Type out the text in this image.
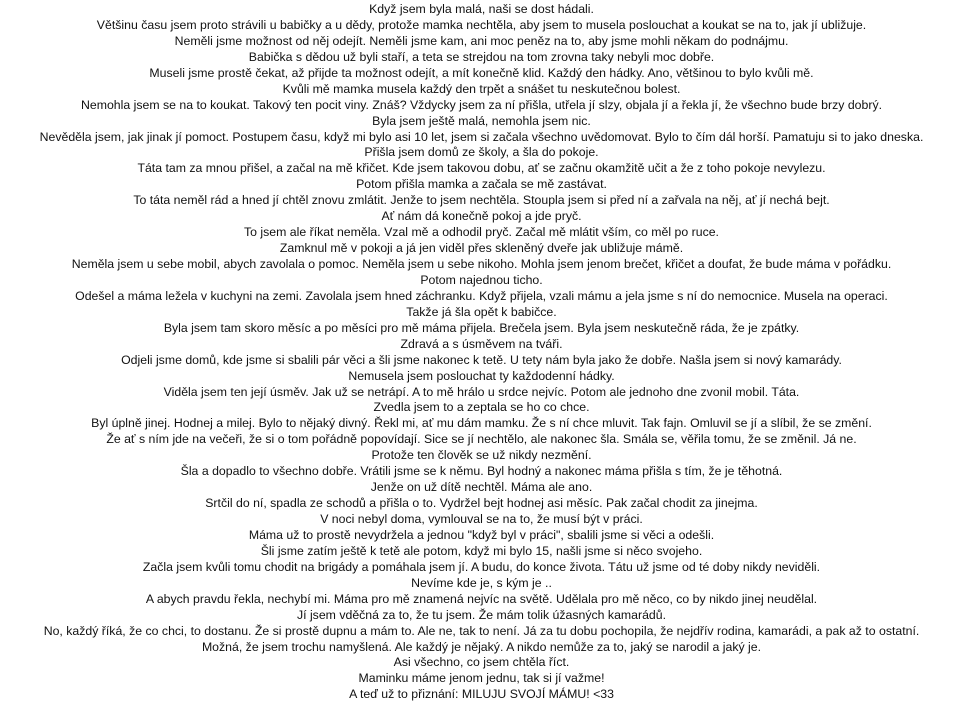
Když jsem byla malá, naši se dost hádali.
Většinu času jsem proto strávili u babičky a u dědy, protože mamka nechtěla, aby jsem to musela poslouchat a koukat se na to, jak jí ubližuje.
Neměli jsme možnost od něj odejít. Neměli jsme kam, ani moc peněz na to, aby jsme mohli někam do podnájmu.
Babička s dědou už byli staří, a teta se strejdou na tom zrovna taky nebyli moc dobře.
Museli jsme prostě čekat, až přijde ta možnost odejít, a mít konečně klid. Každý den hádky. Ano, většinou to bylo kvůli mě.
Kvůli mě mamka musela každý den trpět a snášet tu neskutečnou bolest.
Nemohla jsem se na to koukat. Takový ten pocit viny. Znáš? Vždycky jsem za ní přišla, utřela jí slzy, objala jí a řekla jí, že všechno bude brzy dobrý.
Byla jsem ještě malá, nemohla jsem nic.
Nevěděla jsem, jak jinak jí pomoct. Postupem času, když mi bylo asi 10 let, jsem si začala všechno uvědomovat. Bylo to čím dál horší. Pamatuju si to jako dneska.
Přišla jsem domů ze školy, a šla do pokoje.
Táta tam za mnou přišel, a začal na mě křičet. Kde jsem takovou dobu, ať se začnu okamžitě učit a že z toho pokoje nevylezu.
Potom přišla mamka a začala se mě zastávat.
To táta neměl rád a hned jí chtěl znovu zmlátit. Jenže to jsem nechtěla. Stoupla jsem si před ní a zařvala na něj, ať jí nechá bejt.
Ať nám dá konečně pokoj a jde pryč.
To jsem ale říkat neměla. Vzal mě a odhodil pryč. Začal mě mlátit vším, co měl po ruce.
Zamknul mě v pokoji a já jen viděl přes skleněný dveře jak ubližuje mámě.
Neměla jsem u sebe mobil, abych zavolala o pomoc. Neměla jsem u sebe nikoho. Mohla jsem jenom brečet, křičet a doufat, že bude máma v pořádku.
Potom najednou ticho.
Odešel a máma ležela v kuchyni na zemi. Zavolala jsem hned záchranku. Když přijela, vzali mámu a jela jsme s ní do nemocnice. Musela na operaci.
Takže já šla opět k babičce.
Byla jsem tam skoro měsíc a po měsíci pro mě máma přijela. Brečela jsem. Byla jsem neskutečně ráda, že je zpátky.
Zdravá a s úsměvem na tváři.
Odjeli jsme domů, kde jsme si sbalili pár věci a šli jsme nakonec k tetě. U tety nám byla jako že dobře. Našla jsem si nový kamarády.
Nemusela jsem poslouchat ty každodenní hádky.
Viděla jsem ten její úsměv. Jak už se netrápí. A to mě hrálo u srdce nejvíc. Potom ale jednoho dne zvonil mobil. Táta.
Zvedla jsem to a zeptala se ho co chce.
Byl úplně jinej. Hodnej a milej. Bylo to nějaký divný. Řekl mi, ať mu dám mamku. Že s ní chce mluvit. Tak fajn. Omluvil se jí a slíbil, že se změní.
Že ať s ním jde na večeři, že si o tom pořádně popovídají. Sice se jí nechtělo, ale nakonec šla. Smála se, věřila tomu, že se změnil. Já ne.
Protože ten člověk se už nikdy nezmění.
Šla a dopadlo to všechno dobře. Vrátili jsme se k němu. Byl hodný a nakonec máma přišla s tím, že je těhotná.
Jenže on už dítě nechtěl. Máma ale ano.
Srtčil do ní, spadla ze schodů a přišla o to. Vydržel bejt hodnej asi měsíc. Pak začal chodit za jinejma.
V noci nebyl doma, vymlouval se na to, že musí být v práci.
Máma už to prostě nevydržela a jednou "když byl v práci", sbalili jsme si věci a odešli.
Šli jsme zatím ještě k tetě ale potom, když mi bylo 15, našli jsme si něco svojeho.
Začla jsem kvůli tomu chodit na brigády a pomáhala jsem jí. A budu, do konce života. Tátu už jsme od té doby nikdy neviděli.
Nevíme kde je, s kým je ..
A abych pravdu řekla, nechybí mi. Máma pro mě znamená nejvíc na světě. Udělala pro mě něco, co by nikdo jinej neudělal.
Jí jsem vděčná za to, že tu jsem. Že mám tolik úžasných kamarádů.
No, každý říká, že co chci, to dostanu. Že si prostě dupnu a mám to. Ale ne, tak to není. Já za tu dobu pochopila, že nejdřív rodina, kamarádi, a pak až to ostatní.
Možná, že jsem trochu namyšlená. Ale každý je nějaký. A nikdo nemůže za to, jaký se narodil a jaký je.
Asi všechno, co jsem chtěla říct.
Maminku máme jenom jednu, tak si jí važme!
A teď už to přiznání: MILUJU SVOJÍ MÁMU! <33
